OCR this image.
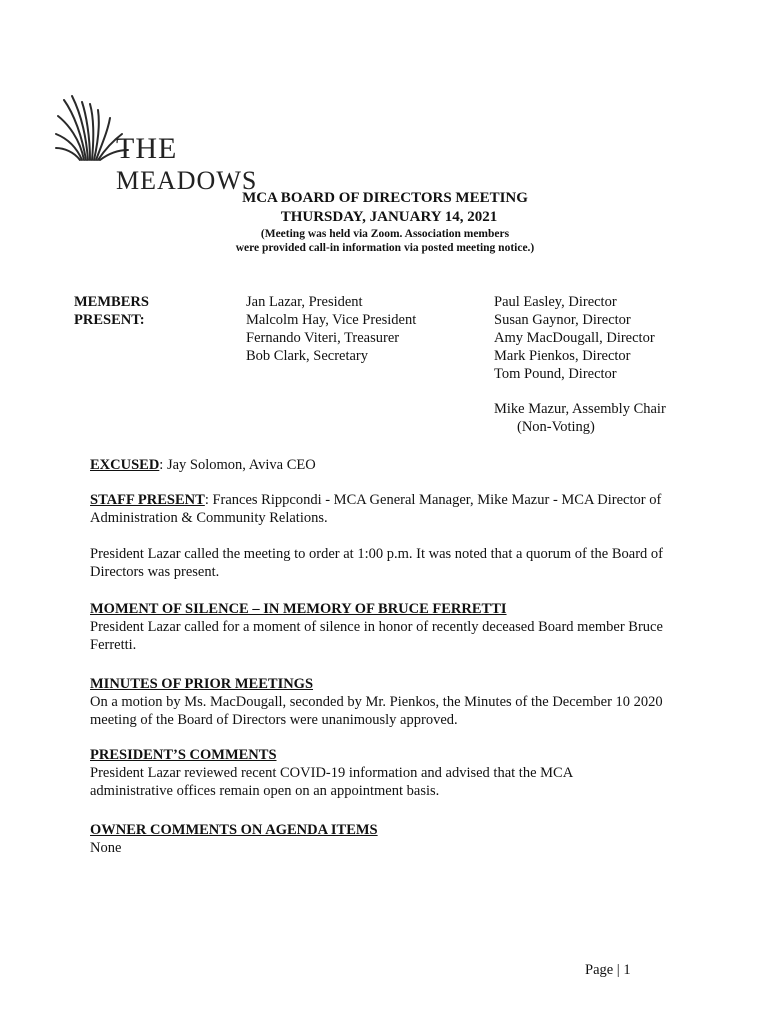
THE MEADOWS
MCA BOARD OF DIRECTORS MEETING
THURSDAY, JANUARY 14, 2021
(Meeting was held via Zoom. Association members
were provided call-in information via posted meeting notice.)
MEMBERS
PRESENT:
Jan Lazar, President
Malcolm Hay, Vice President
Fernando Viteri, Treasurer
Bob Clark, Secretary
Paul Easley, Director
Susan Gaynor, Director
Amy MacDougall, Director
Mark Pienkos, Director
Tom Pound, Director
Mike Mazur, Assembly Chair
(Non-Voting)
EXCUSED: Jay Solomon, Aviva CEO
STAFF PRESENT: Frances Rippcondi - MCA General Manager, Mike Mazur - MCA Director of Administration & Community Relations.
President Lazar called the meeting to order at 1:00 p.m. It was noted that a quorum of the Board of Directors was present.
MOMENT OF SILENCE – IN MEMORY OF BRUCE FERRETTI
President Lazar called for a moment of silence in honor of recently deceased Board member Bruce Ferretti.
MINUTES OF PRIOR MEETINGS
On a motion by Ms. MacDougall, seconded by Mr. Pienkos, the Minutes of the December 10 2020 meeting of the Board of Directors were unanimously approved.
PRESIDENT’S COMMENTS
President Lazar reviewed recent COVID-19 information and advised that the MCA administrative offices remain open on an appointment basis.
OWNER COMMENTS ON AGENDA ITEMS
None
Page | 1
